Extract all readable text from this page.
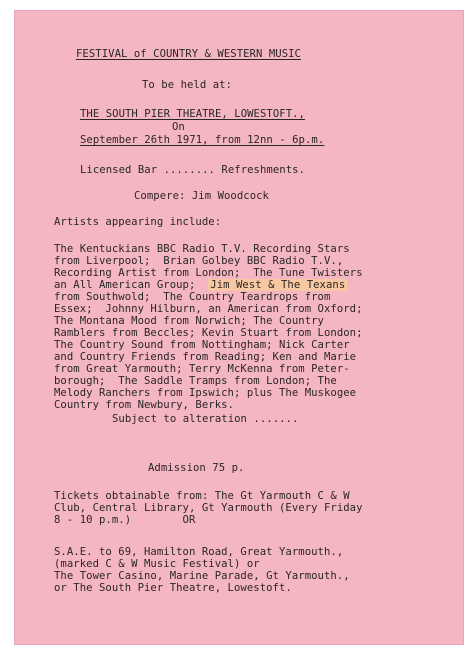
FESTIVAL of COUNTRY & WESTERN MUSIC
To be held at:
THE SOUTH PIER THEATRE, LOWESTOFT.,
On
September 26th 1971, from 12nn - 6p.m.
Licensed Bar ........ Refreshments.
Compere: Jim Woodcock
Artists appearing include:
The Kentuckians BBC Radio T.V. Recording Stars
from Liverpool;  Brian Golbey BBC Radio T.V.,
Recording Artist from London;  The Tune Twisters
an All American Group;  Jim West & The Texans
from Southwold;  The Country Teardrops from
Essex;  Johnny Hilburn, an American from Oxford;
The Montana Mood from Norwich; The Country
Ramblers from Beccles; Kevin Stuart from London;
The Country Sound from Nottingham; Nick Carter
and Country Friends from Reading; Ken and Marie
from Great Yarmouth; Terry McKenna from Peter-
borough;  The Saddle Tramps from London; The
Melody Ranchers from Ipswich; plus The Muskogee
Country from Newbury, Berks.
Subject to alteration .......
Admission 75 p.
Tickets obtainable from: The Gt Yarmouth C & W
Club, Central Library, Gt Yarmouth (Every Friday
8 - 10 p.m.)        OR
S.A.E. to 69, Hamilton Road, Great Yarmouth.,
(marked C & W Music Festival) or
The Tower Casino, Marine Parade, Gt Yarmouth.,
or The South Pier Theatre, Lowestoft.
